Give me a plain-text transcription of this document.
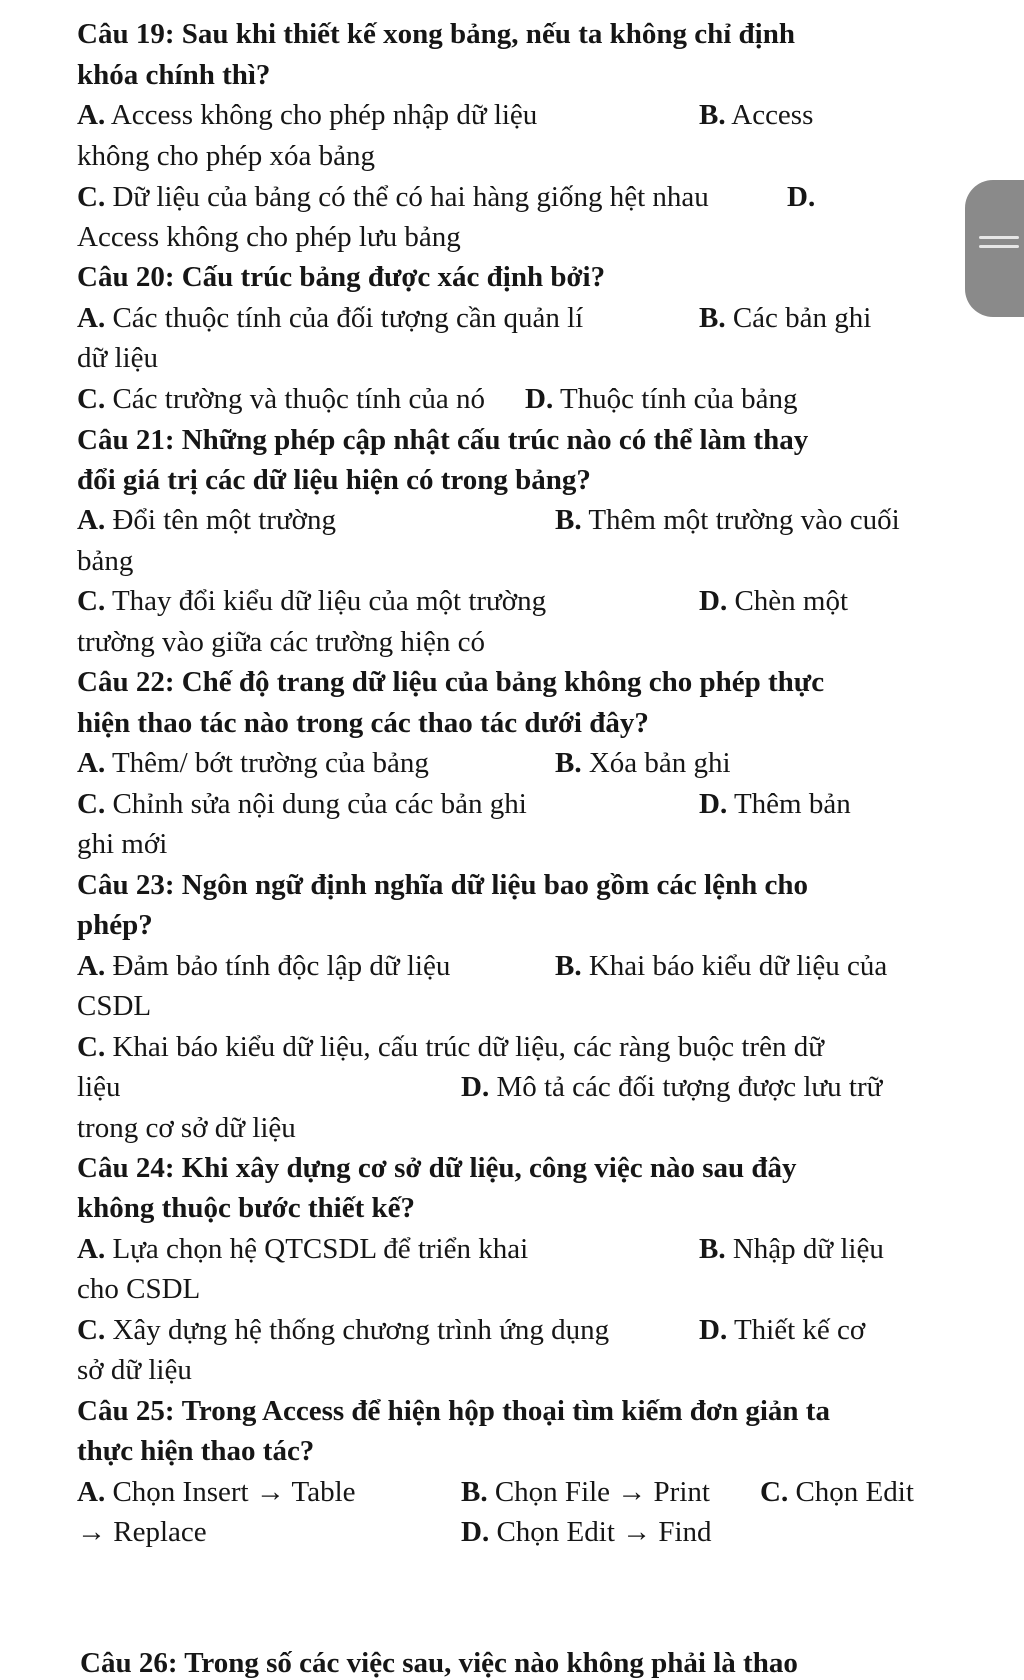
Câu 19: Sau khi thiết kế xong bảng, nếu ta không chỉ định
khóa chính thì?
A. Access không cho phép nhập dữ liệu	B. Access
không cho phép xóa bảng
C. Dữ liệu của bảng có thể có hai hàng giống hệt nhau	D.
Access không cho phép lưu bảng
Câu 20: Cấu trúc bảng được xác định bởi?
A. Các thuộc tính của đối tượng cần quản lí	B. Các bản ghi
dữ liệu
C. Các trường và thuộc tính của nó D. Thuộc tính của bảng
Câu 21: Những phép cập nhật cấu trúc nào có thể làm thay
đổi giá trị các dữ liệu hiện có trong bảng?
A. Đổi tên một trường	B. Thêm một trường vào cuối
bảng
C. Thay đổi kiểu dữ liệu của một trường	D. Chèn một
trường vào giữa các trường hiện có
Câu 22: Chế độ trang dữ liệu của bảng không cho phép thực
hiện thao tác nào trong các thao tác dưới đây?
A. Thêm/ bớt trường của bảng	B. Xóa bản ghi
C. Chỉnh sửa nội dung của các bản ghi	D. Thêm bản
ghi mới
Câu 23: Ngôn ngữ định nghĩa dữ liệu bao gồm các lệnh cho
phép?
A. Đảm bảo tính độc lập dữ liệu	B. Khai báo kiểu dữ liệu của
CSDL
C. Khai báo kiểu dữ liệu, cấu trúc dữ liệu, các ràng buộc trên dữ
liệu	D. Mô tả các đối tượng được lưu trữ
trong cơ sở dữ liệu
Câu 24: Khi xây dựng cơ sở dữ liệu, công việc nào sau đây
không thuộc bước thiết kế?
A. Lựa chọn hệ QTCSDL để triển khai	B. Nhập dữ liệu
cho CSDL
C. Xây dựng hệ thống chương trình ứng dụng	D. Thiết kế cơ
sở dữ liệu
Câu 25: Trong Access để hiện hộp thoại tìm kiếm đơn giản ta
thực hiện thao tác?
A. Chọn Insert → Table	B. Chọn File → Print C. Chọn Edit
→ Replace	D. Chọn Edit → Find
Câu 26: Trong số các việc sau, việc nào không phải là thao
